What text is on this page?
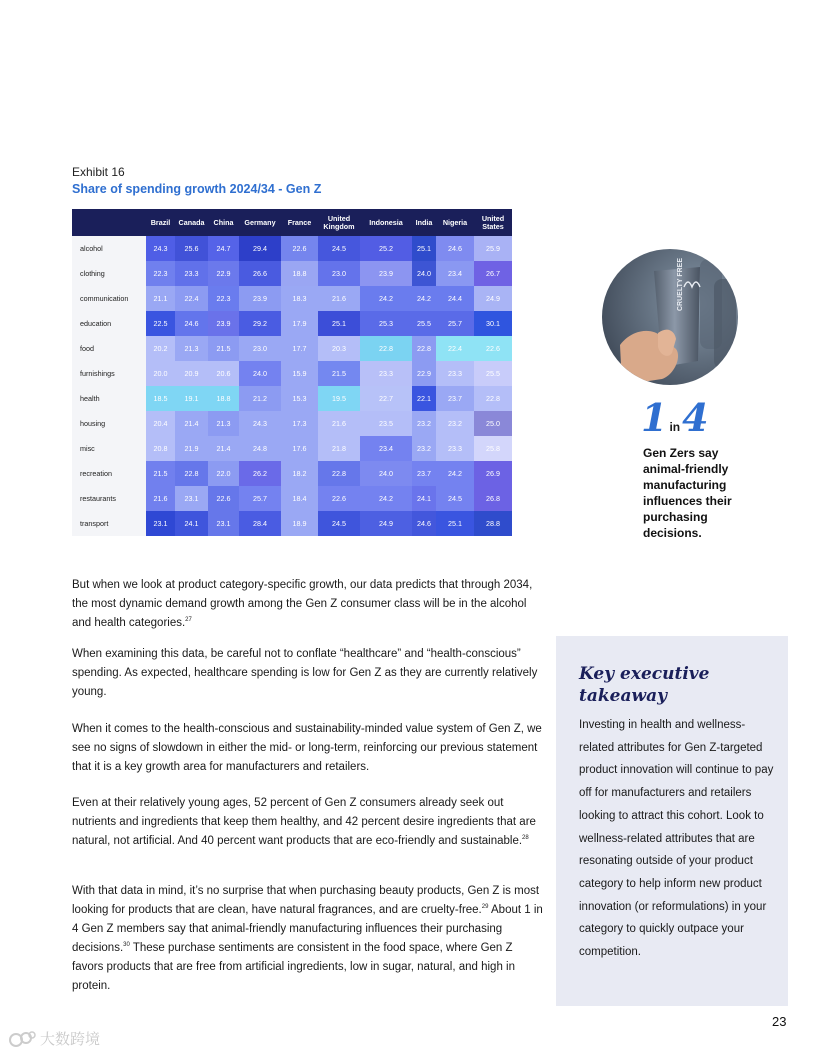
Exhibit 16
Share of spending growth 2024/34 - Gen Z
	Brazil	Canada	China	Germany	France	United Kingdom	Indonesia	India	Nigeria	United States
alcohol	24.3	25.6	24.7	29.4	22.6	24.5	25.2	25.1	24.6	25.9
clothing	22.3	23.3	22.9	26.6	18.8	23.0	23.9	24.0	23.4	26.7
communication	21.1	22.4	22.3	23.9	18.3	21.6	24.2	24.2	24.4	24.9
education	22.5	24.6	23.9	29.2	17.9	25.1	25.3	25.5	25.7	30.1
food	20.2	21.3	21.5	23.0	17.7	20.3	22.8	22.8	22.4	22.6
furnishings	20.0	20.9	20.6	24.0	15.9	21.5	23.3	22.9	23.3	25.5
health	18.5	19.1	18.8	21.2	15.3	19.5	22.7	22.1	23.7	22.8
housing	20.4	21.4	21.3	24.3	17.3	21.6	23.5	23.2	23.2	25.0
misc	20.8	21.9	21.4	24.8	17.6	21.8	23.4	23.2	23.3	25.8
recreation	21.5	22.8	22.0	26.2	18.2	22.8	24.0	23.7	24.2	26.9
restaurants	21.6	23.1	22.6	25.7	18.4	22.6	24.2	24.1	24.5	26.8
transport	23.1	24.1	23.1	28.4	18.9	24.5	24.9	24.6	25.1	28.8
CRUELTY FREE
1 in4
Gen Zers say animal-friendly manufacturing influences their purchasing decisions.

But when we look at product category-specific growth, our data predicts that through 2034, the most dynamic demand growth among the Gen Z consumer class will be in the alcohol and health categories.$^{27}$

When examining this data, be careful not to conflate “healthcare” and “health-conscious” spending. As expected, healthcare spending is low for Gen Z as they are currently relatively young.

When it comes to the health-conscious and sustainability-minded value system of Gen Z, we see no signs of slowdown in either the mid- or long-term, reinforcing our previous statement that it is a key growth area for manufacturers and retailers.

Even at their relatively young ages, 52 percent of Gen Z consumers already seek out nutrients and ingredients that keep them healthy, and 42 percent desire ingredients that are natural, not artificial. And 40 percent want products that are eco-friendly and sustainable.$^{28}$

With that data in mind, it’s no surprise that when purchasing beauty products, Gen Z is most looking for products that are clean, have natural fragrances, and are cruelty-free.$^{29}$ About 1 in 4 Gen Z members say that animal-friendly manufacturing influences their purchasing decisions.$^{30}$ These purchase sentiments are consistent in the food space, where Gen Z favors products that are free from artificial ingredients, low in sugar, natural, and high in protein.

Key executive takeaway

Investing in health and wellness-related attributes for Gen Z-targeted product innovation will continue to pay off for manufacturers and retailers looking to attract this cohort. Look to wellness-related attributes that are resonating outside of your product category to help inform new product innovation (or reformulations) in your category to quickly outpace your competition.

23
大数跨境
